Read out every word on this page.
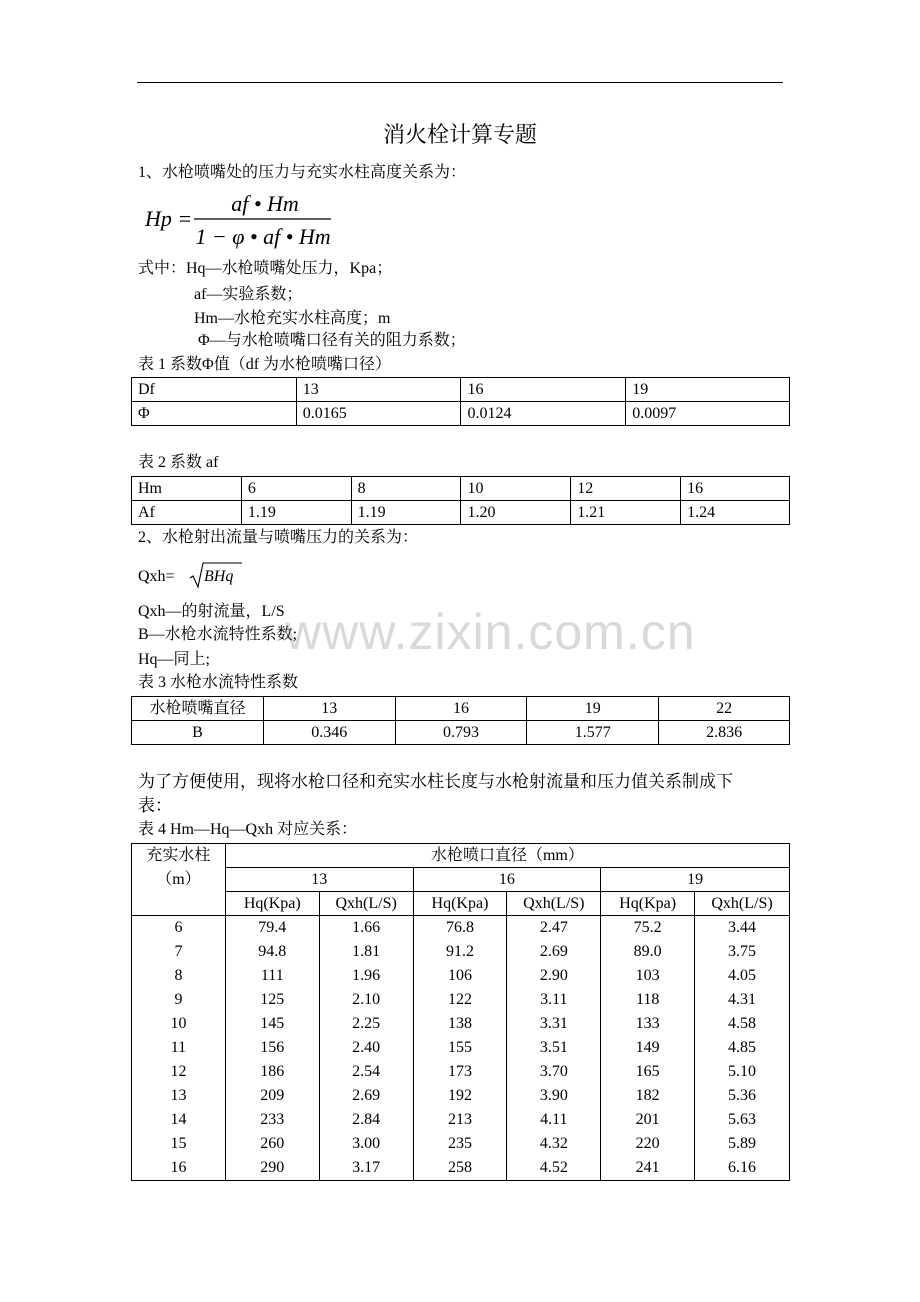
消火栓计算专题
1、水枪喷嘴处的压力与充实水柱高度关系为：
Hp =
af • Hm
1 − φ • af • Hm
式中：Hq—水枪喷嘴处压力，Kpa；
af—实验系数；
Hm—水枪充实水柱高度；m
Φ—与水枪喷嘴口径有关的阻力系数；
表 1 系数Φ值（df 为水枪喷嘴口径）
Df	13	16	19
Φ	0.0165	0.0124	0.0097
表 2 系数 af
Hm	6	8	10	12	16
Af	1.19	1.19	1.20	1.21	1.24
2、水枪射出流量与喷嘴压力的关系为：
Qxh= BHq
Qxh—的射流量，L/S
B—水枪水流特性系数;
Hq—同上;
表 3 水枪水流特性系数
水枪喷嘴直径	13	16	19	22
B	0.346	0.793	1.577	2.836
为了方便使用，现将水枪口径和充实水柱长度与水枪射流量和压力值关系制成下
表：
表 4 Hm—Hq—Qxh 对应关系：
充实水柱
（m）	水枪喷口直径（mm）					
	13		16		19	
	Hq(Kpa)	Qxh(L/S)	Hq(Kpa)	Qxh(L/S)	Hq(Kpa)	Qxh(L/S)
6	79.4	1.66	76.8	2.47	75.2	3.44
7	94.8	1.81	91.2	2.69	89.0	3.75
8	111	1.96	106	2.90	103	4.05
9	125	2.10	122	3.11	118	4.31
10	145	2.25	138	3.31	133	4.58
11	156	2.40	155	3.51	149	4.85
12	186	2.54	173	3.70	165	5.10
13	209	2.69	192	3.90	182	5.36
14	233	2.84	213	4.11	201	5.63
15	260	3.00	235	4.32	220	5.89
16	290	3.17	258	4.52	241	6.16
www.zixin.com.cn
